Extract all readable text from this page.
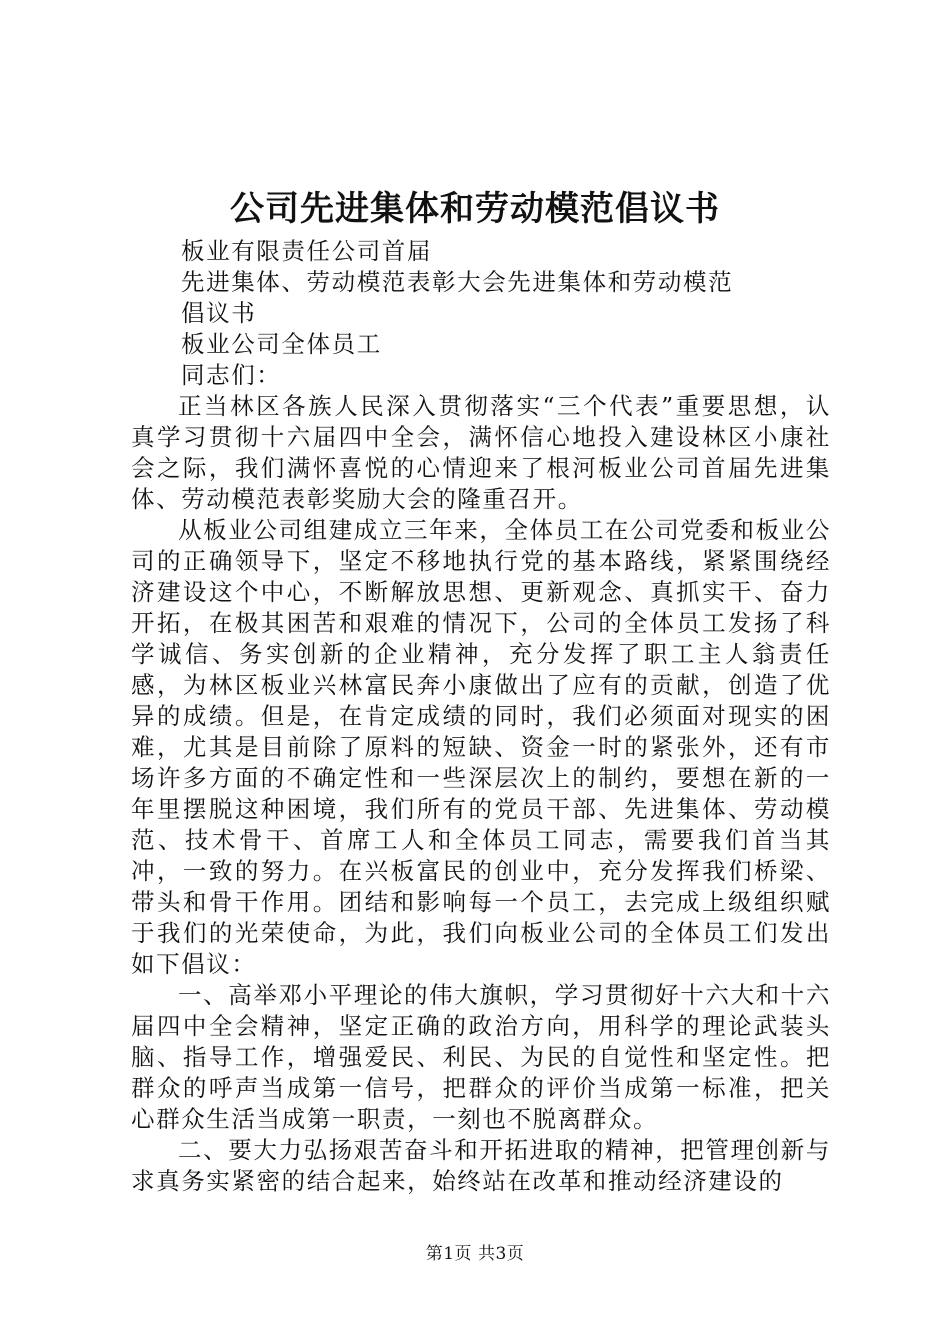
公司先进集体和劳动模范倡议书

板业有限责任公司首届

先进集体、劳动模范表彰大会先进集体和劳动模范

倡议书

板业公司全体员工

同志们：

正当林区各族人民深入贯彻落实“三个代表”重要思想，认真学习贯彻十六届四中全会，满怀信心地投入建设林区小康社会之际，我们满怀喜悦的心情迎来了根河板业公司首届先进集体、劳动模范表彰奖励大会的隆重召开。

从板业公司组建成立三年来，全体员工在公司党委和板业公司的正确领导下，坚定不移地执行党的基本路线，紧紧围绕经济建设这个中心，不断解放思想、更新观念、真抓实干、奋力开拓，在极其困苦和艰难的情况下，公司的全体员工发扬了科学诚信、务实创新的企业精神，充分发挥了职工主人翁责任感，为林区板业兴林富民奔小康做出了应有的贡献，创造了优异的成绩。但是，在肯定成绩的同时，我们必须面对现实的困难，尤其是目前除了原料的短缺、资金一时的紧张外，还有市场许多方面的不确定性和一些深层次上的制约，要想在新的一年里摆脱这种困境，我们所有的党员干部、先进集体、劳动模范、技术骨干、首席工人和全体员工同志，需要我们首当其冲，一致的努力。在兴板富民的创业中，充分发挥我们桥梁、带头和骨干作用。团结和影响每一个员工，去完成上级组织赋于我们的光荣使命，为此，我们向板业公司的全体员工们发出如下倡议：

一、高举邓小平理论的伟大旗帜，学习贯彻好十六大和十六届四中全会精神，坚定正确的政治方向，用科学的理论武装头脑、指导工作，增强爱民、利民、为民的自觉性和坚定性。把群众的呼声当成第一信号，把群众的评价当成第一标准，把关心群众生活当成第一职责，一刻也不脱离群众。

二、要大力弘扬艰苦奋斗和开拓进取的精神，把管理创新与求真务实紧密的结合起来，始终站在改革和推动经济建设的

第1页 共3页
